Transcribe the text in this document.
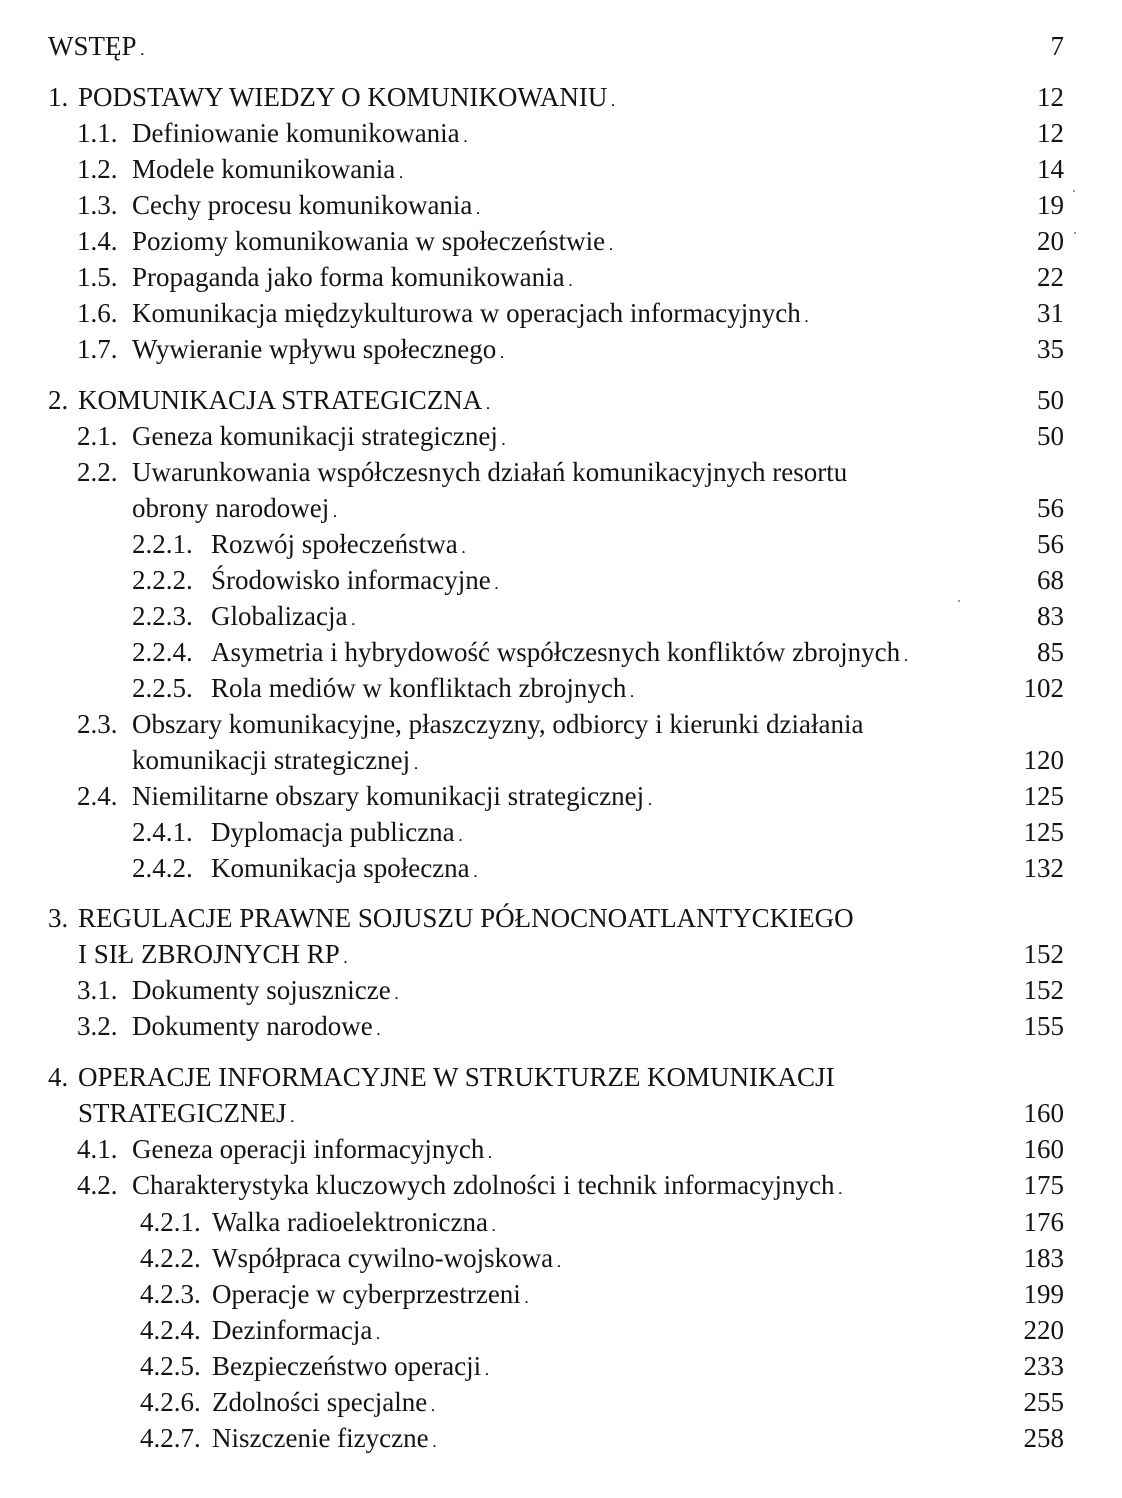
WSTĘP . . .	7
1. PODSTAWY WIEDZY O KOMUNIKOWANIU . . .	12
1.1. Definiowanie komunikowania . . .	12
1.2. Modele komunikowania . . .	14
1.3. Cechy procesu komunikowania . . .	19
1.4. Poziomy komunikowania w społeczeństwie . . .	20
1.5. Propaganda jako forma komunikowania . . .	22
1.6. Komunikacja międzykulturowa w operacjach informacyjnych . . .	31
1.7. Wywieranie wpływu społecznego . . .	35
2. KOMUNIKACJA STRATEGICZNA . . .	50
2.1. Geneza komunikacji strategicznej . . .	50
2.2. Uwarunkowania współczesnych działań komunikacyjnych resortu
obrony narodowej . . .	56
2.2.1. Rozwój społeczeństwa . . .	56
2.2.2. Środowisko informacyjne . . .	68
2.2.3. Globalizacja . . .	83
2.2.4. Asymetria i hybrydowość współczesnych konfliktów zbrojnych . . .	85
2.2.5. Rola mediów w konfliktach zbrojnych . . .	102
2.3. Obszary komunikacyjne, płaszczyzny, odbiorcy i kierunki działania
komunikacji strategicznej . . .	120
2.4. Niemilitarne obszary komunikacji strategicznej . . .	125
2.4.1. Dyplomacja publiczna . . .	125
2.4.2. Komunikacja społeczna . . .	132
3. REGULACJE PRAWNE SOJUSZU PÓŁNOCNOATLANTYCKIEGO
I SIŁ ZBROJNYCH RP . . .	152
3.1. Dokumenty sojusznicze . . .	152
3.2. Dokumenty narodowe . . .	155
4. OPERACJE INFORMACYJNE W STRUKTURZE KOMUNIKACJI
STRATEGICZNEJ . . .	160
4.1. Geneza operacji informacyjnych . . .	160
4.2. Charakterystyka kluczowych zdolności i technik informacyjnych . . .	175
4.2.1. Walka radioelektroniczna . . .	176
4.2.2. Współpraca cywilno-wojskowa . . .	183
4.2.3. Operacje w cyberprzestrzeni . . .	199
4.2.4. Dezinformacja . . .	220
4.2.5. Bezpieczeństwo operacji . . .	233
4.2.6. Zdolności specjalne . . .	255
4.2.7. Niszczenie fizyczne . . .	258
